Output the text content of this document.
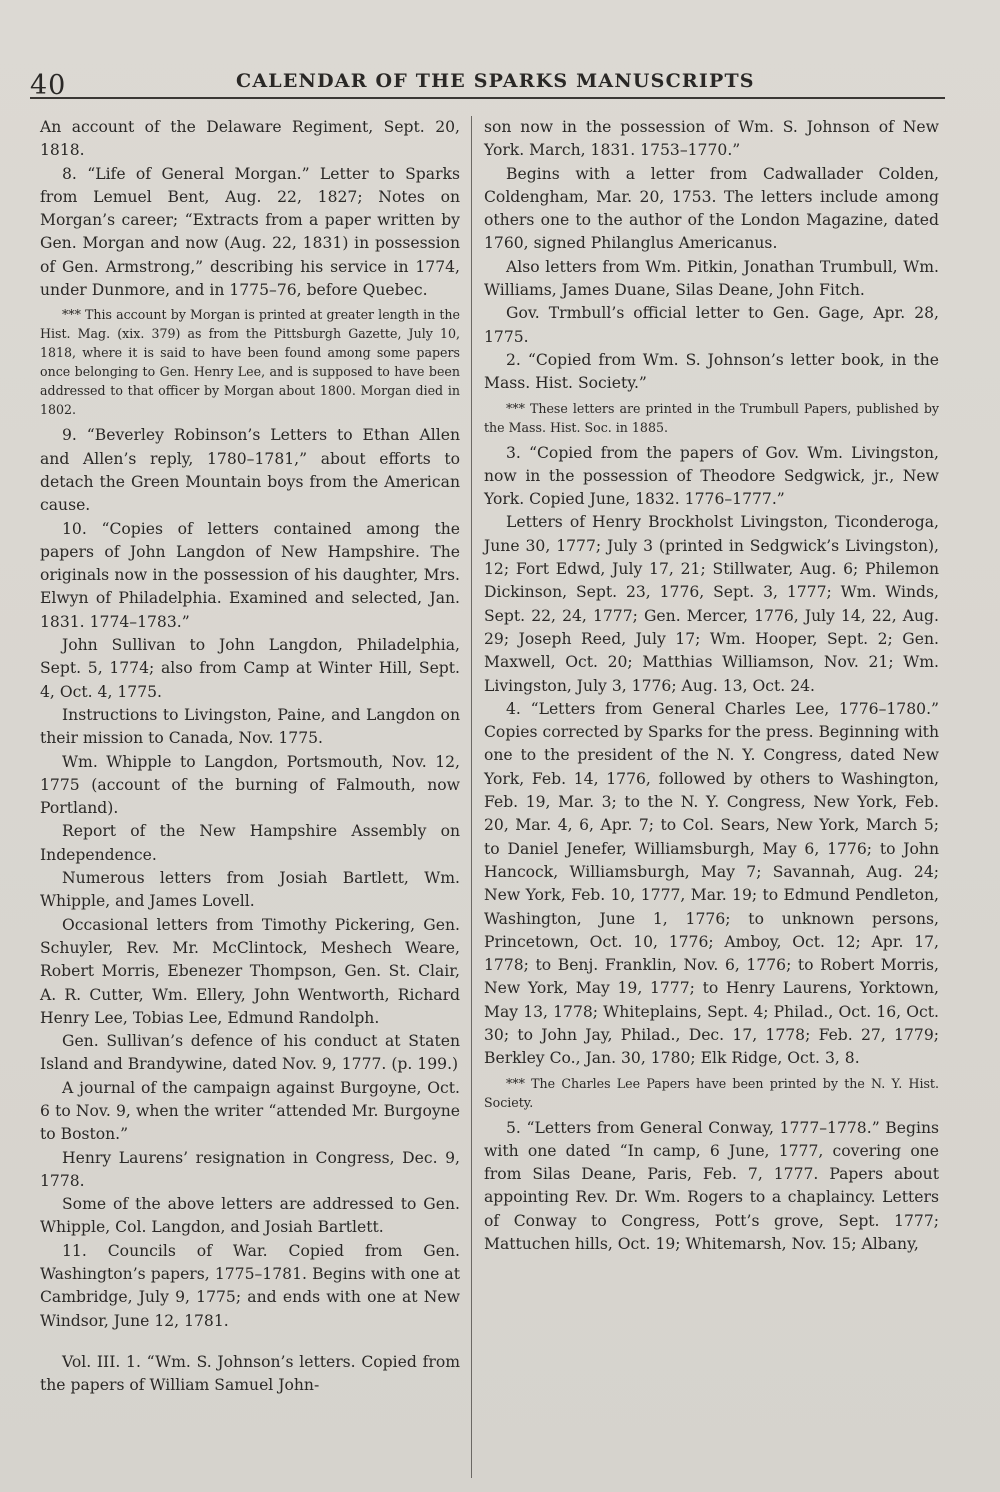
40	CALENDAR OF THE SPARKS MANUSCRIPTS

An account of the Delaware Regiment, Sept. 20, 1818.

8. “Life of General Morgan.” Letter to Sparks from Lemuel Bent, Aug. 22, 1827; Notes on Morgan’s career; “Extracts from a paper written by Gen. Morgan and now (Aug. 22, 1831) in possession of Gen. Armstrong,” describing his service in 1774, under Dunmore, and in 1775–76, before Quebec.

*** This account by Morgan is printed at greater length in the Hist. Mag. (xix. 379) as from the Pittsburgh Gazette, July 10, 1818, where it is said to have been found among some papers once belonging to Gen. Henry Lee, and is supposed to have been addressed to that officer by Morgan about 1800. Morgan died in 1802.

9. “Beverley Robinson’s Letters to Ethan Allen and Allen’s reply, 1780–1781,” about efforts to detach the Green Mountain boys from the American cause.

10. “Copies of letters contained among the papers of John Langdon of New Hampshire. The originals now in the possession of his daughter, Mrs. Elwyn of Philadelphia. Examined and selected, Jan. 1831. 1774–1783.”

John Sullivan to John Langdon, Philadelphia, Sept. 5, 1774; also from Camp at Winter Hill, Sept. 4, Oct. 4, 1775.

Instructions to Livingston, Paine, and Langdon on their mission to Canada, Nov. 1775.

Wm. Whipple to Langdon, Portsmouth, Nov. 12, 1775 (account of the burning of Falmouth, now Portland).

Report of the New Hampshire Assembly on Independence.

Numerous letters from Josiah Bartlett, Wm. Whipple, and James Lovell.

Occasional letters from Timothy Pickering, Gen. Schuyler, Rev. Mr. McClintock, Meshech Weare, Robert Morris, Ebenezer Thompson, Gen. St. Clair, A. R. Cutter, Wm. Ellery, John Wentworth, Richard Henry Lee, Tobias Lee, Edmund Randolph.

Gen. Sullivan’s defence of his conduct at Staten Island and Brandywine, dated Nov. 9, 1777. (p. 199.)

A journal of the campaign against Burgoyne, Oct. 6 to Nov. 9, when the writer “attended Mr. Burgoyne to Boston.”

Henry Laurens’ resignation in Congress, Dec. 9, 1778.

Some of the above letters are addressed to Gen. Whipple, Col. Langdon, and Josiah Bartlett.

11. Councils of War. Copied from Gen. Washington’s papers, 1775–1781. Begins with one at Cambridge, July 9, 1775; and ends with one at New Windsor, June 12, 1781.

Vol. III. 1. “Wm. S. Johnson’s letters. Copied from the papers of William Samuel John-

son now in the possession of Wm. S. Johnson of New York. March, 1831. 1753–1770.”

Begins with a letter from Cadwallader Colden, Coldengham, Mar. 20, 1753. The letters include among others one to the author of the London Magazine, dated 1760, signed Philanglus Americanus.

Also letters from Wm. Pitkin, Jonathan Trumbull, Wm. Williams, James Duane, Silas Deane, John Fitch.

Gov. Trmbull’s official letter to Gen. Gage, Apr. 28, 1775.

2. “Copied from Wm. S. Johnson’s letter book, in the Mass. Hist. Society.”

*** These letters are printed in the Trumbull Papers, published by the Mass. Hist. Soc. in 1885.

3. “Copied from the papers of Gov. Wm. Livingston, now in the possession of Theodore Sedgwick, jr., New York. Copied June, 1832. 1776–1777.”

Letters of Henry Brockholst Livingston, Ticonderoga, June 30, 1777; July 3 (printed in Sedgwick’s Livingston), 12; Fort Edwd, July 17, 21; Stillwater, Aug. 6; Philemon Dickinson, Sept. 23, 1776, Sept. 3, 1777; Wm. Winds, Sept. 22, 24, 1777; Gen. Mercer, 1776, July 14, 22, Aug. 29; Joseph Reed, July 17; Wm. Hooper, Sept. 2; Gen. Maxwell, Oct. 20; Matthias Williamson, Nov. 21; Wm. Livingston, July 3, 1776; Aug. 13, Oct. 24.

4. “Letters from General Charles Lee, 1776–1780.” Copies corrected by Sparks for the press. Beginning with one to the president of the N. Y. Congress, dated New York, Feb. 14, 1776, followed by others to Washington, Feb. 19, Mar. 3; to the N. Y. Congress, New York, Feb. 20, Mar. 4, 6, Apr. 7; to Col. Sears, New York, March 5; to Daniel Jenefer, Williamsburgh, May 6, 1776; to John Hancock, Williamsburgh, May 7; Savannah, Aug. 24; New York, Feb. 10, 1777, Mar. 19; to Edmund Pendleton, Washington, June 1, 1776; to unknown persons, Princetown, Oct. 10, 1776; Amboy, Oct. 12; Apr. 17, 1778; to Benj. Franklin, Nov. 6, 1776; to Robert Morris, New York, May 19, 1777; to Henry Laurens, Yorktown, May 13, 1778; Whiteplains, Sept. 4; Philad., Oct. 16, Oct. 30; to John Jay, Philad., Dec. 17, 1778; Feb. 27, 1779; Berkley Co., Jan. 30, 1780; Elk Ridge, Oct. 3, 8.

*** The Charles Lee Papers have been printed by the N. Y. Hist. Society.

5. “Letters from General Conway, 1777–1778.” Begins with one dated “In camp, 6 June, 1777, covering one from Silas Deane, Paris, Feb. 7, 1777. Papers about appointing Rev. Dr. Wm. Rogers to a chaplaincy. Letters of Conway to Congress, Pott’s grove, Sept. 1777; Mattuchen hills, Oct. 19; Whitemarsh, Nov. 15; Albany,
